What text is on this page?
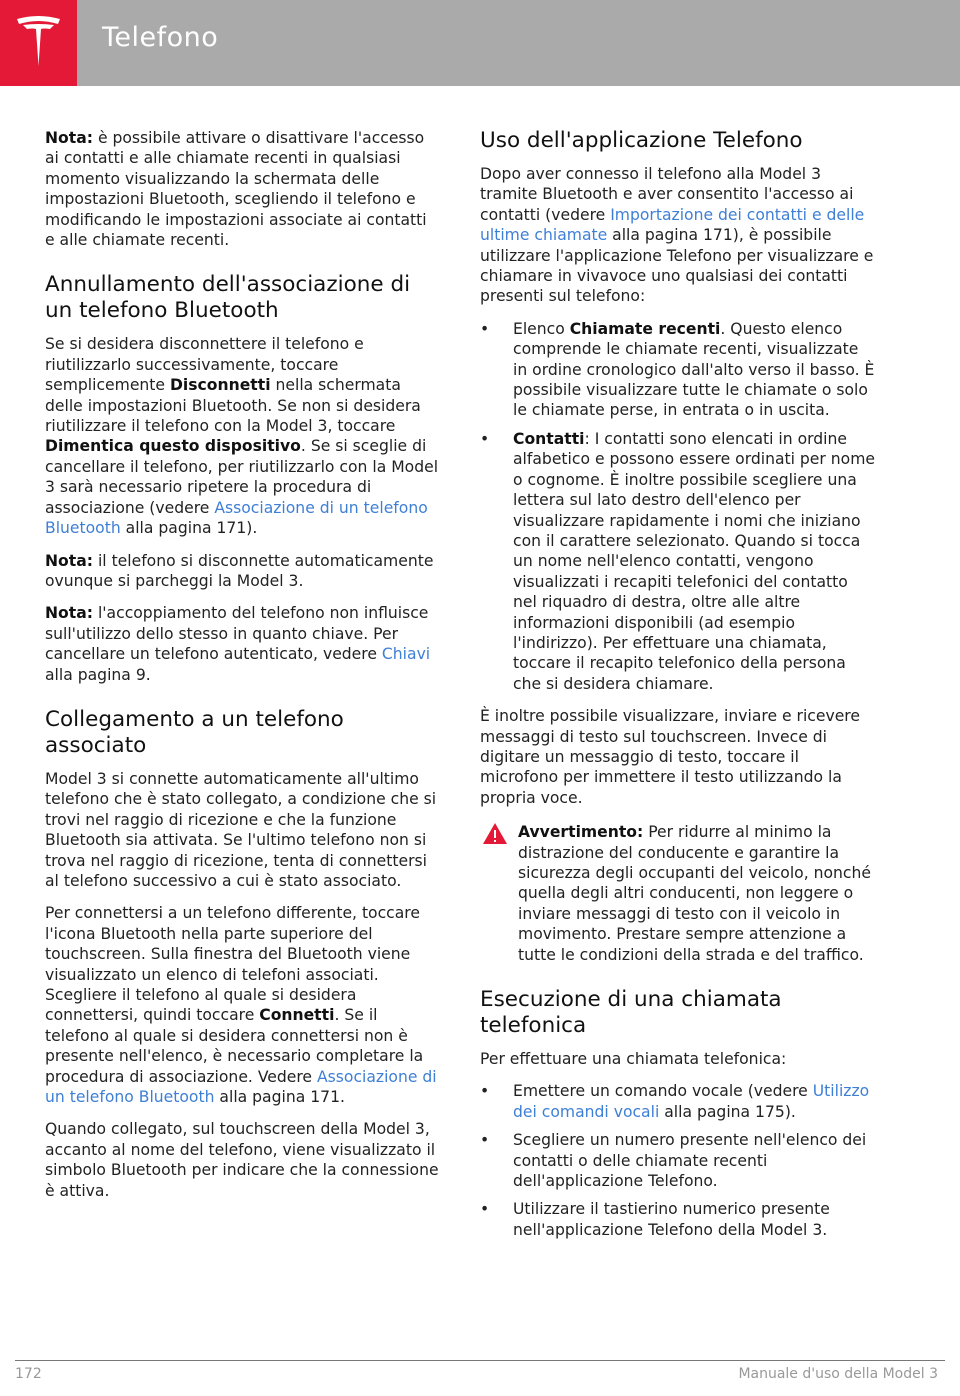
Telefono

Nota: è possibile attivare o disattivare l'accesso ai contatti e alle chiamate recenti in qualsiasi momento visualizzando la schermata delle impostazioni Bluetooth, scegliendo il telefono e modificando le impostazioni associate ai contatti e alle chiamate recenti.

Annullamento dell'associazione di un telefono Bluetooth

Se si desidera disconnettere il telefono e riutilizzarlo successivamente, toccare semplicemente Disconnetti nella schermata delle impostazioni Bluetooth. Se non si desidera riutilizzare il telefono con la Model 3, toccare Dimentica questo dispositivo. Se si sceglie di cancellare il telefono, per riutilizzarlo con la Model 3 sarà necessario ripetere la procedura di associazione (vedere Associazione di un telefono Bluetooth alla pagina 171).

Nota: il telefono si disconnette automaticamente ovunque si parcheggi la Model 3.

Nota: l'accoppiamento del telefono non influisce sull'utilizzo dello stesso in quanto chiave. Per cancellare un telefono autenticato, vedere Chiavi alla pagina 9.

Collegamento a un telefono associato

Model 3 si connette automaticamente all'ultimo telefono che è stato collegato, a condizione che si trovi nel raggio di ricezione e che la funzione Bluetooth sia attivata. Se l'ultimo telefono non si trova nel raggio di ricezione, tenta di connettersi al telefono successivo a cui è stato associato.

Per connettersi a un telefono differente, toccare l'icona Bluetooth nella parte superiore del touchscreen. Sulla finestra del Bluetooth viene visualizzato un elenco di telefoni associati. Scegliere il telefono al quale si desidera connettersi, quindi toccare Connetti. Se il telefono al quale si desidera connettersi non è presente nell'elenco, è necessario completare la procedura di associazione. Vedere Associazione di un telefono Bluetooth alla pagina 171.

Quando collegato, sul touchscreen della Model 3, accanto al nome del telefono, viene visualizzato il simbolo Bluetooth per indicare che la connessione è attiva.

Uso dell'applicazione Telefono

Dopo aver connesso il telefono alla Model 3 tramite Bluetooth e aver consentito l'accesso ai contatti (vedere Importazione dei contatti e delle ultime chiamate alla pagina 171), è possibile utilizzare l'applicazione Telefono per visualizzare e chiamare in vivavoce uno qualsiasi dei contatti presenti sul telefono:

• Elenco Chiamate recenti. Questo elenco comprende le chiamate recenti, visualizzate in ordine cronologico dall'alto verso il basso. È possibile visualizzare tutte le chiamate o solo le chiamate perse, in entrata o in uscita.
• Contatti: I contatti sono elencati in ordine alfabetico e possono essere ordinati per nome o cognome. È inoltre possibile scegliere una lettera sul lato destro dell'elenco per visualizzare rapidamente i nomi che iniziano con il carattere selezionato. Quando si tocca un nome nell'elenco contatti, vengono visualizzati i recapiti telefonici del contatto nel riquadro di destra, oltre alle altre informazioni disponibili (ad esempio l'indirizzo). Per effettuare una chiamata, toccare il recapito telefonico della persona che si desidera chiamare.

È inoltre possibile visualizzare, inviare e ricevere messaggi di testo sul touchscreen. Invece di digitare un messaggio di testo, toccare il microfono per immettere il testo utilizzando la propria voce.

Avvertimento: Per ridurre al minimo la distrazione del conducente e garantire la sicurezza degli occupanti del veicolo, nonché quella degli altri conducenti, non leggere o inviare messaggi di testo con il veicolo in movimento. Prestare sempre attenzione a tutte le condizioni della strada e del traffico.
Esecuzione di una chiamata telefonica

Per effettuare una chiamata telefonica:

• Emettere un comando vocale (vedere Utilizzo dei comandi vocali alla pagina 175).
• Scegliere un numero presente nell'elenco dei contatti o delle chiamate recenti dell'applicazione Telefono.
• Utilizzare il tastierino numerico presente nell'applicazione Telefono della Model 3.
172	Manuale d'uso della Model 3
